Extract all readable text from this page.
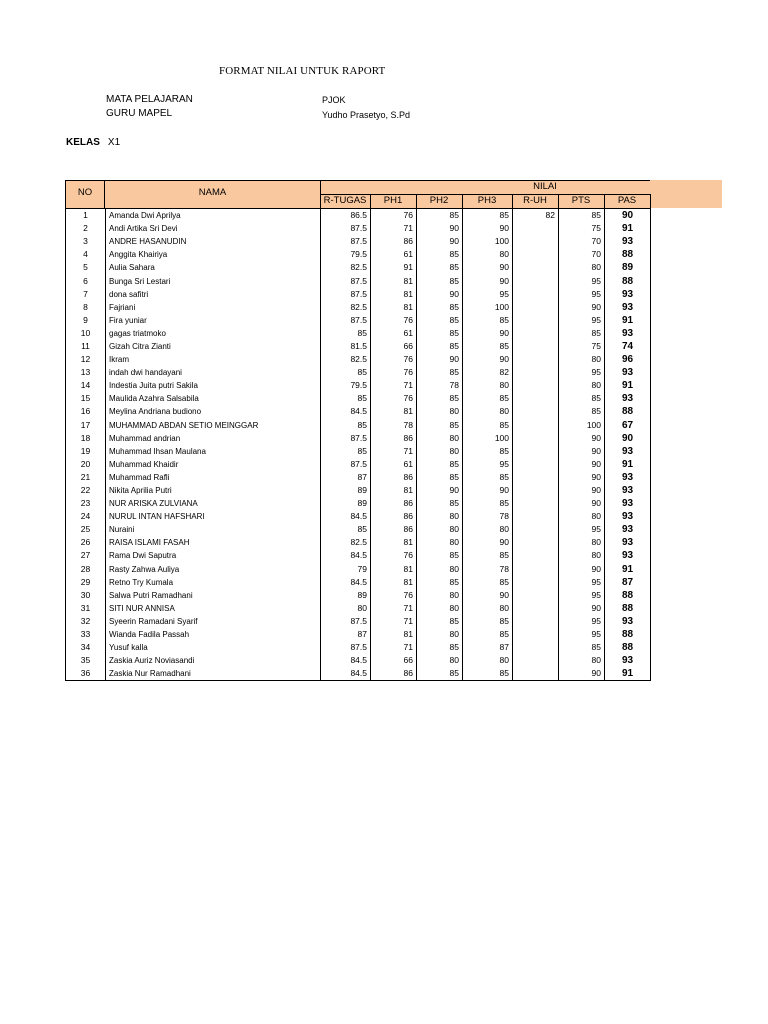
FORMAT NILAI UNTUK RAPORT
MATA PELAJARAN	PJOK
GURU MAPEL	Yudho Prasetyo, S.Pd
KELAS X1
NO	NAMA
NILAI
R-TUGAS	PH1	PH2	PH3	R-UH	PTS	PAS
1	Amanda Dwi Aprilya	86.5	76	85	85	82	85	90
2	Andi Artika Sri Devi	87.5	71	90	90		75	91
3	ANDRE HASANUDIN	87.5	86	90	100		70	93
4	Anggita Khairiya	79.5	61	85	80		70	88
5	Aulia Sahara	82.5	91	85	90		80	89
6	Bunga Sri Lestari	87.5	81	85	90		95	88
7	dona safitri	87.5	81	90	95		95	93
8	Fajriani	82.5	81	85	100		90	93
9	Fira yuniar	87.5	76	85	85		95	91
10	gagas triatmoko	85	61	85	90		85	93
11	Gizah Citra Zianti	81.5	66	85	85		75	74
12	Ikram	82.5	76	90	90		80	96
13	indah dwi handayani	85	76	85	82		95	93
14	Indestia Juita putri Sakila	79.5	71	78	80		80	91
15	Maulida Azahra Salsabila	85	76	85	85		85	93
16	Meylina Andriana budiono	84.5	81	80	80		85	88
17	MUHAMMAD ABDAN SETIO MEINGGAR	85	78	85	85		100	67
18	Muhammad andrian	87.5	86	80	100		90	90
19	Muhammad Ihsan Maulana	85	71	80	85		90	93
20	Muhammad Khaidir	87.5	61	85	95		90	91
21	Muhammad Rafli	87	86	85	85		90	93
22	Nikita Aprilia Putri	89	81	90	90		90	93
23	NUR ARISKA ZULVIANA	89	86	85	85		90	93
24	NURUL INTAN HAFSHARI	84.5	86	80	78		80	93
25	Nuraini	85	86	80	80		95	93
26	RAISA ISLAMI FASAH	82.5	81	80	90		80	93
27	Rama Dwi Saputra	84.5	76	85	85		80	93
28	Rasty Zahwa Auliya	79	81	80	78		90	91
29	Retno Try Kumala	84.5	81	85	85		95	87
30	Salwa Putri Ramadhani	89	76	80	90		95	88
31	SITI NUR ANNISA	80	71	80	80		90	88
32	Syeerin Ramadani Syarif	87.5	71	85	85		95	93
33	Wianda Fadila Passah	87	81	80	85		95	88
34	Yusuf kalla	87.5	71	85	87		85	88
35	Zaskia Auriz Noviasandi	84.5	66	80	80		80	93
36	Zaskia Nur Ramadhani	84.5	86	85	85		90	91
